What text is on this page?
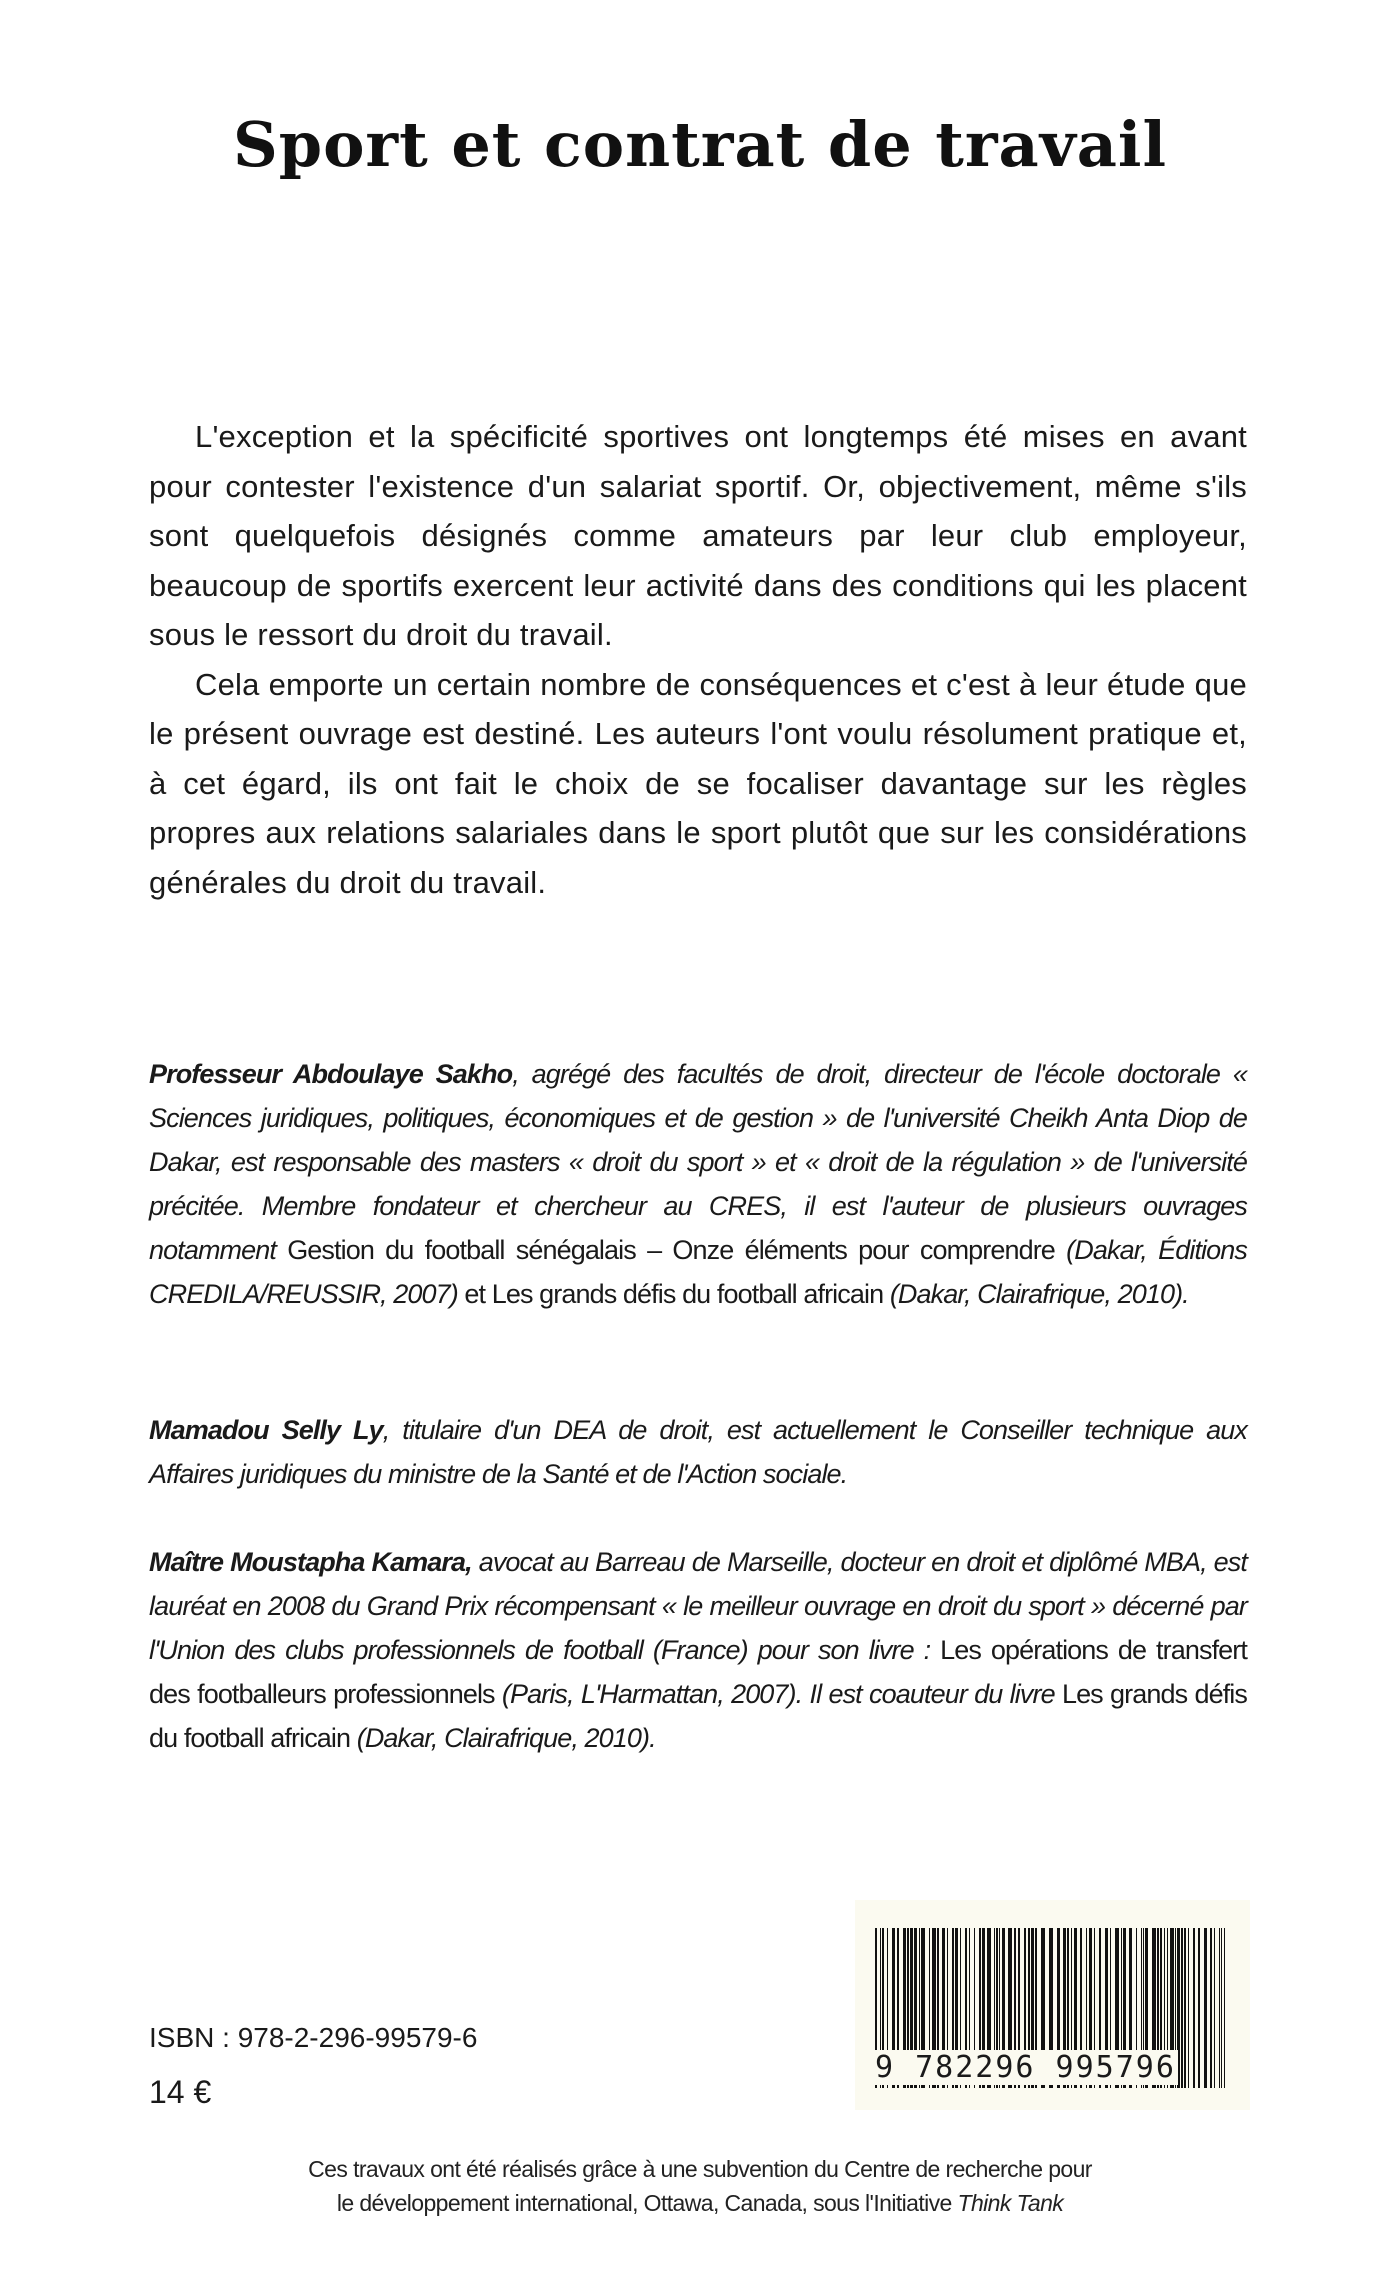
Sport et contrat de travail

L'exception et la spécificité sportives ont longtemps été mises en avant pour contester l'existence d'un salariat sportif. Or, objectivement, même s'ils sont quelquefois désignés comme amateurs par leur club employeur, beaucoup de sportifs exercent leur activité dans des conditions qui les placent sous le ressort du droit du travail.

Cela emporte un certain nombre de conséquences et c'est à leur étude que le présent ouvrage est destiné. Les auteurs l'ont voulu résolument pratique et, à cet égard, ils ont fait le choix de se focaliser davantage sur les règles propres aux relations salariales dans le sport plutôt que sur les considérations générales du droit du travail.

Professeur Abdoulaye Sakho, agrégé des facultés de droit, directeur de l'école doctorale « Sciences juridiques, politiques, économiques et de gestion » de l'université Cheikh Anta Diop de Dakar, est responsable des masters « droit du sport » et « droit de la régulation » de l'université précitée. Membre fondateur et chercheur au CRES, il est l'auteur de plusieurs ouvrages notamment Gestion du football sénégalais – Onze éléments pour comprendre (Dakar, Éditions CREDILA/REUSSIR, 2007) et Les grands défis du football africain (Dakar, Clairafrique, 2010).
Mamadou Selly Ly, titulaire d'un DEA de droit, est actuellement le Conseiller technique aux Affaires juridiques du ministre de la Santé et de l'Action sociale.
Maître Moustapha Kamara, avocat au Barreau de Marseille, docteur en droit et diplômé MBA, est lauréat en 2008 du Grand Prix récompensant « le meilleur ouvrage en droit du sport » décerné par l'Union des clubs professionnels de football (France) pour son livre : Les opérations de transfert des footballeurs professionnels (Paris, L'Harmattan, 2007). Il est coauteur du livre Les grands défis du football africain (Dakar, Clairafrique, 2010).
ISBN : 978-2-296-99579-6
14 €
9 782296 995796
Ces travaux ont été réalisés grâce à une subvention du Centre de recherche pour
le développement international, Ottawa, Canada, sous l'Initiative Think Tank
